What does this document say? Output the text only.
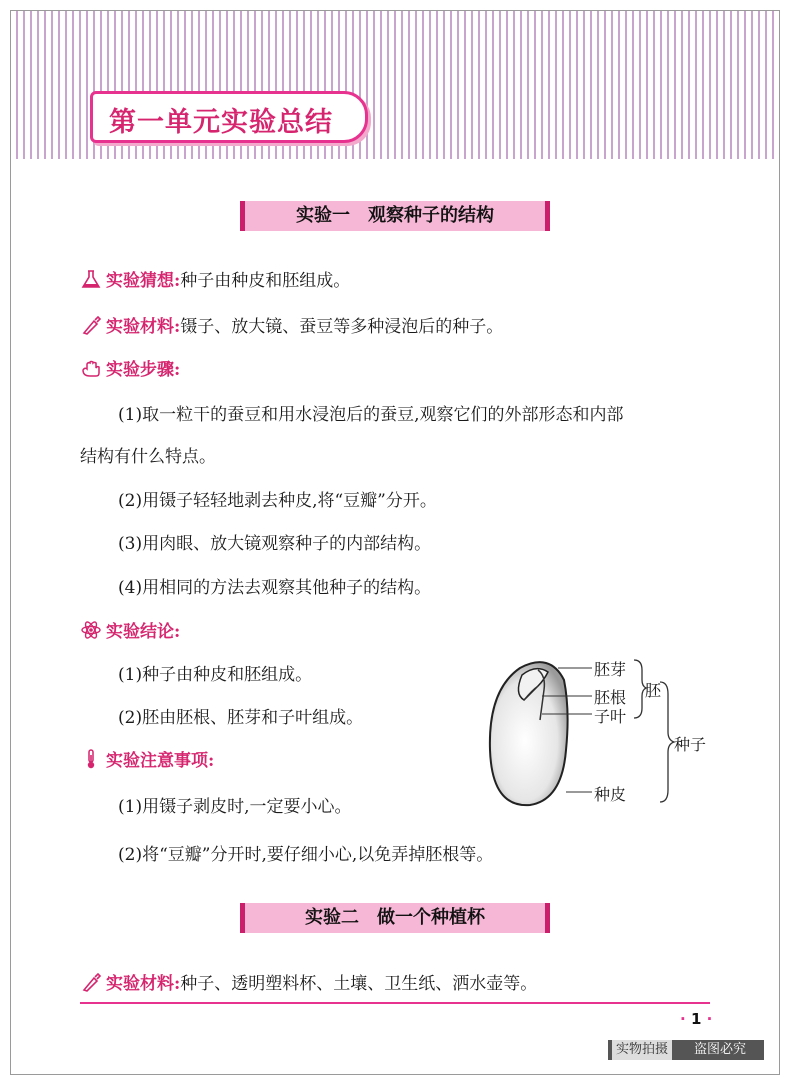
第一单元实验总结
实验一　观察种子的结构
实验猜想:种子由种皮和胚组成。
实验材料:镊子、放大镜、蚕豆等多种浸泡后的种子。
实验步骤:
(1)取一粒干的蚕豆和用水浸泡后的蚕豆,观察它们的外部形态和内部
结构有什么特点。
(2)用镊子轻轻地剥去种皮,将“豆瓣”分开。
(3)用肉眼、放大镜观察种子的内部结构。
(4)用相同的方法去观察其他种子的结构。
实验结论:
(1)种子由种皮和胚组成。
(2)胚由胚根、胚芽和子叶组成。
实验注意事项:
(1)用镊子剥皮时,一定要小心。
(2)将“豆瓣”分开时,要仔细小心,以免弄掉胚根等。
胚芽
胚根
子叶
胚
种子
种皮
实验二　做一个种植杯
实验材料:种子、透明塑料杯、土壤、卫生纸、洒水壶等。
· 1 ·
实物拍摄	盗图必究
